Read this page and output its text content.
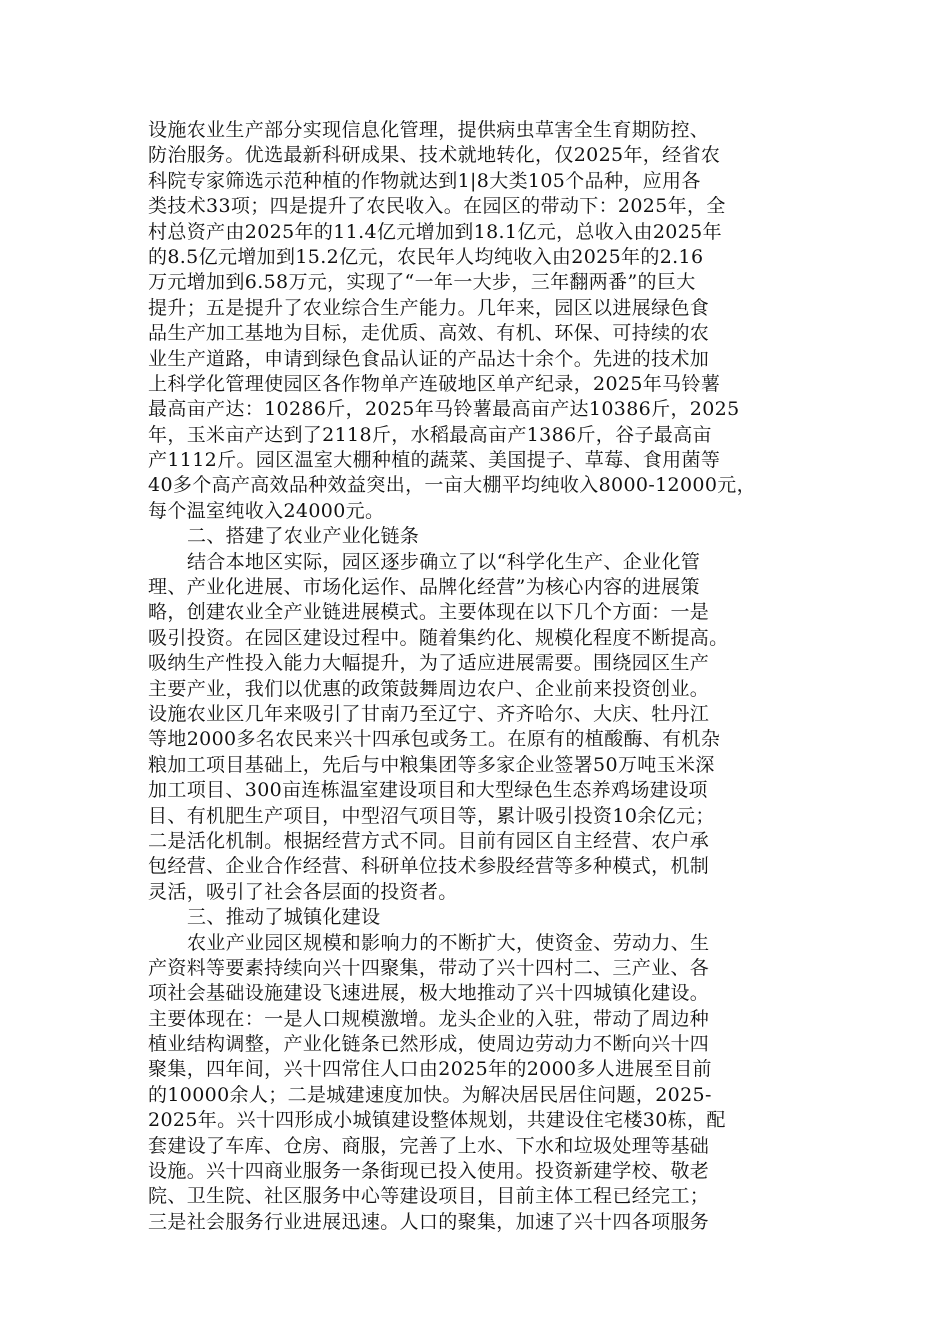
设施农业生产部分实现信息化管理，提供病虫草害全生育期防控、
防治服务。优选最新科研成果、技术就地转化，仅2025年，经省农
科院专家筛选示范种植的作物就达到1|8大类105个品种，应用各
类技术33项；四是提升了农民收入。在园区的带动下：2025年，全
村总资产由2025年的11.4亿元增加到18.1亿元，总收入由2025年
的8.5亿元增加到15.2亿元，农民年人均纯收入由2025年的2.16
万元增加到6.58万元，实现了“一年一大步，三年翻两番”的巨大
提升；五是提升了农业综合生产能力。几年来，园区以进展绿色食
品生产加工基地为目标，走优质、高效、有机、环保、可持续的农
业生产道路，申请到绿色食品认证的产品达十余个。先进的技术加
上科学化管理使园区各作物单产连破地区单产纪录，2025年马铃薯
最高亩产达：10286斤，2025年马铃薯最高亩产达10386斤，2025
年，玉米亩产达到了2118斤，水稻最高亩产1386斤，谷子最高亩
产1112斤。园区温室大棚种植的蔬菜、美国提子、草莓、食用菌等
40多个高产高效品种效益突出，一亩大棚平均纯收入8000-12000元，
每个温室纯收入24000元。
二、搭建了农业产业化链条
结合本地区实际，园区逐步确立了以“科学化生产、企业化管
理、产业化进展、市场化运作、品牌化经营”为核心内容的进展策
略，创建农业全产业链进展模式。主要体现在以下几个方面：一是
吸引投资。在园区建设过程中。随着集约化、规模化程度不断提高。
吸纳生产性投入能力大幅提升，为了适应进展需要。围绕园区生产
主要产业，我们以优惠的政策鼓舞周边农户、企业前来投资创业。
设施农业区几年来吸引了甘南乃至辽宁、齐齐哈尔、大庆、牡丹江
等地2000多名农民来兴十四承包或务工。在原有的植酸酶、有机杂
粮加工项目基础上，先后与中粮集团等多家企业签署50万吨玉米深
加工项目、300亩连栋温室建设项目和大型绿色生态养鸡场建设项
目、有机肥生产项目，中型沼气项目等，累计吸引投资10余亿元；
二是活化机制。根据经营方式不同。目前有园区自主经营、农户承
包经营、企业合作经营、科研单位技术参股经营等多种模式，机制
灵活，吸引了社会各层面的投资者。
三、推动了城镇化建设
农业产业园区规模和影响力的不断扩大，使资金、劳动力、生
产资料等要素持续向兴十四聚集，带动了兴十四村二、三产业、各
项社会基础设施建设飞速进展，极大地推动了兴十四城镇化建设。
主要体现在：一是人口规模激增。龙头企业的入驻，带动了周边种
植业结构调整，产业化链条已然形成，使周边劳动力不断向兴十四
聚集，四年间，兴十四常住人口由2025年的2000多人进展至目前
的10000余人；二是城建速度加快。为解决居民居住问题，2025-
2025年。兴十四形成小城镇建设整体规划，共建设住宅楼30栋，配
套建设了车库、仓房、商服，完善了上水、下水和垃圾处理等基础
设施。兴十四商业服务一条街现已投入使用。投资新建学校、敬老
院、卫生院、社区服务中心等建设项目，目前主体工程已经完工；
三是社会服务行业进展迅速。人口的聚集，加速了兴十四各项服务
